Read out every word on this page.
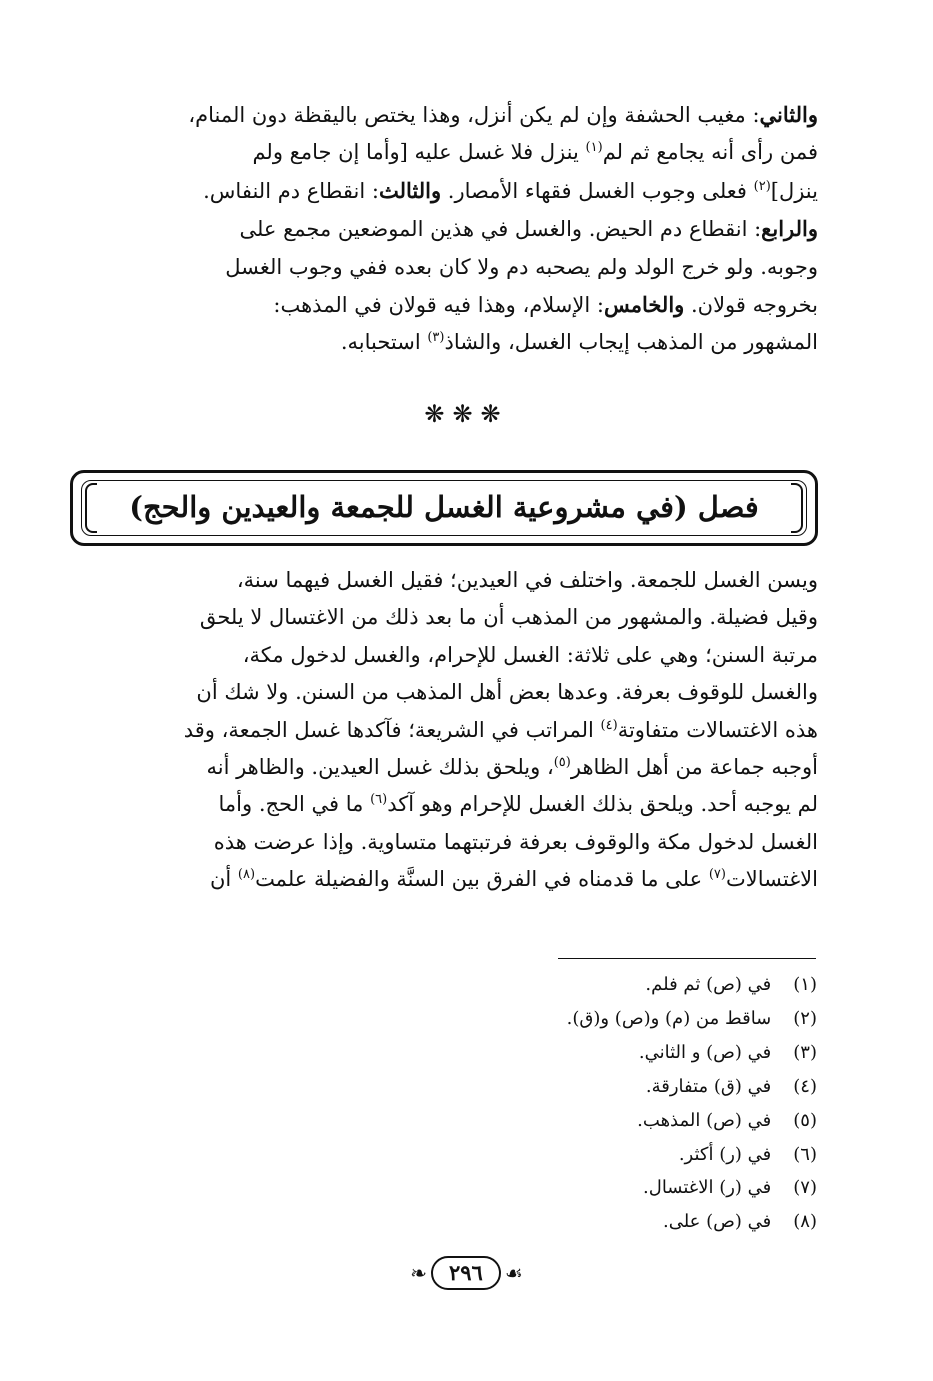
والثاني: مغيب الحشفة وإن لم يكن أنزل، وهذا يختص باليقظة دون المنام،
فمن رأى أنه يجامع ثم لم$^{(١)}$ ينزل فلا غسل عليه [وأما إن جامع ولم
ينزل]$^{(٢)}$ فعلى وجوب الغسل فقهاء الأمصار. والثالث: انقطاع دم النفاس.
والرابع: انقطاع دم الحيض. والغسل في هذين الموضعين مجمع على
وجوبه. ولو خرج الولد ولم يصحبه دم ولا كان بعده ففي وجوب الغسل
بخروجه قولان. والخامس: الإسلام، وهذا فيه قولان في المذهب:
المشهور من المذهب إيجاب الغسل، والشاذ$^{(٣)}$ استحبابه.
❋❋❋
فصل (في مشروعية الغسل للجمعة والعيدين والحج)
ويسن الغسل للجمعة. واختلف في العيدين؛ فقيل الغسل فيهما سنة،
وقيل فضيلة. والمشهور من المذهب أن ما بعد ذلك من الاغتسال لا يلحق
مرتبة السنن؛ وهي على ثلاثة: الغسل للإحرام، والغسل لدخول مكة،
والغسل للوقوف بعرفة. وعدها بعض أهل المذهب من السنن. ولا شك أن
هذه الاغتسالات متفاوتة$^{(٤)}$ المراتب في الشريعة؛ فآكدها غسل الجمعة، وقد
أوجبه جماعة من أهل الظاهر$^{(٥)}$، ويلحق بذلك غسل العيدين. والظاهر أنه
لم يوجبه أحد. ويلحق بذلك الغسل للإحرام وهو آكد$^{(٦)}$ ما في الحج. وأما
الغسل لدخول مكة والوقوف بعرفة فرتبتهما متساوية. وإذا عرضت هذه
الاغتسالات$^{(٧)}$ على ما قدمناه في الفرق بين السنَّة والفضيلة علمت$^{(٨)}$ أن
(١) في (ص) ثم فلم.
(٢) ساقط من (م) و(ص) و(ق).
(٣) في (ص) و الثاني.
(٤) في (ق) متفارقة.
(٥) في (ص) المذهب.
(٦) في (ر) أكثر.
(٧) في (ر) الاغتسال.
(٨) في (ص) على.
❧	٢٩٦	☙
